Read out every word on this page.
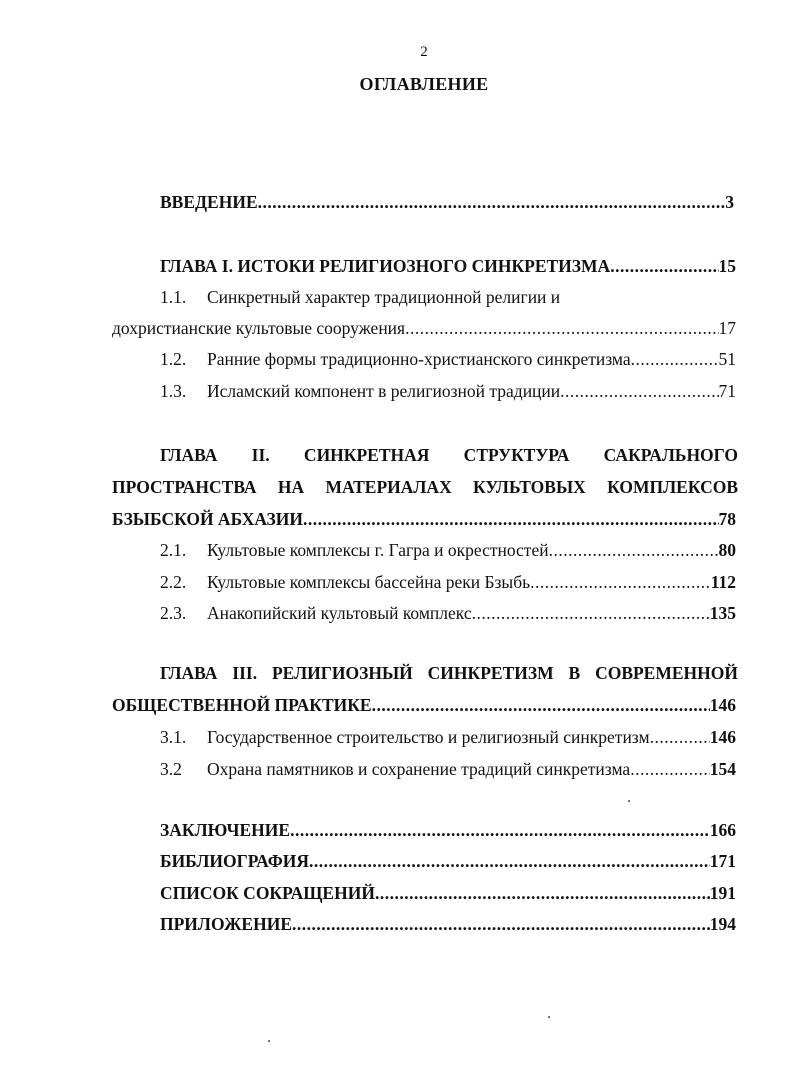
2
ОГЛАВЛЕНИЕ
ВВЕДЕНИЕ .....	3
ГЛАВА I. ИСТОКИ РЕЛИГИОЗНОГО СИНКРЕТИЗМА .....	15
1.1. Синкретный характер традиционной религии и
дохристианские культовые сооружения .....	17
1.2.	Ранние формы традиционно-христианского синкретизма .....	51
1.3.	Исламский компонент в религиозной традиции .....	71
ГЛАВА II. СИНКРЕТНАЯ СТРУКТУРА САКРАЛЬНОГО
ПРОСТРАНСТВА НА МАТЕРИАЛАХ КУЛЬТОВЫХ КОМПЛЕКСОВ
БЗЫБСКОЙ АБХАЗИИ .....	78
2.1.	Культовые комплексы г. Гагра и окрестностей .....	80
2.2.	Культовые комплексы бассейна реки Бзыбь .....	112
2.3.	Анакопийский культовый комплекс .....	135
ГЛАВА III. РЕЛИГИОЗНЫЙ СИНКРЕТИЗМ В СОВРЕМЕННОЙ
ОБЩЕСТВЕННОЙ ПРАКТИКЕ .....	146
3.1.	Государственное строительство и религиозный синкретизм .....	146
3.2	Охрана памятников и сохранение традиций синкретизма .....	154
ЗАКЛЮЧЕНИЕ .....	166
БИБЛИОГРАФИЯ .....	171
СПИСОК СОКРАЩЕНИЙ .....	191
ПРИЛОЖЕНИЕ .....	194
